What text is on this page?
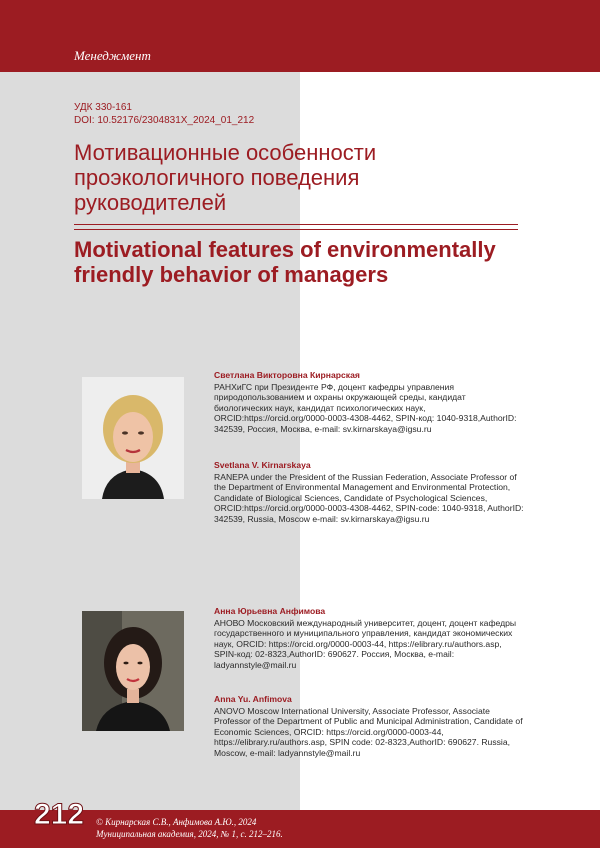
Менеджмент
УДК 330-161
DOI: 10.52176/2304831X_2024_01_212
Мотивационные особенности проэкологичного поведения руководителей
Motivational features of environmentally friendly behavior of managers
Светлана Викторовна Кирнарская
РАНХиГС при Президенте РФ, доцент кафедры управления природопользованием и охраны окружающей среды, кандидат биологических наук, кандидат психологических наук, ORCID:https://orcid.org/0000-0003-4308-4462, SPIN-код: 1040-9318,AuthorID: 342539, Россия, Москва, e-mail: sv.kirnarskaya@igsu.ru
Svetlana V. Kirnarskaya
RANEPA under the President of the Russian Federation, Associate Professor of the Department of Environmental Management and Environmental Protection, Candidate of Biological Sciences, Candidate of Psychological Sciences, ORCID:https://orcid.org/0000-0003-4308-4462, SPIN-code: 1040-9318, AuthorID: 342539, Russia, Moscow e-mail: sv.kirnarskaya@igsu.ru
Анна Юрьевна Анфимова
АНОВО Московский международный университет, доцент, доцент кафедры государственного и муниципального управления, кандидат экономических наук, ORCID: https://orcid.org/0000-0003-44, https://elibrary.ru/authors.asp, SPIN-код: 02-8323,AuthorID: 690627. Россия, Москва, e-mail: ladyannstyle@mail.ru
Anna Yu. Anfimova
ANOVO Moscow International University, Associate Professor, Associate Professor of the Department of Public and Municipal Administration, Candidate of Economic Sciences, ORCID: https://orcid.org/0000-0003-44, https://elibrary.ru/authors.asp, SPIN code: 02-8323,AuthorID: 690627. Russia, Moscow, e-mail: ladyannstyle@mail.ru
212 © Кирнарская С.В., Анфимова А.Ю., 2024
Муниципальная академия, 2024, № 1, с. 212–216.
